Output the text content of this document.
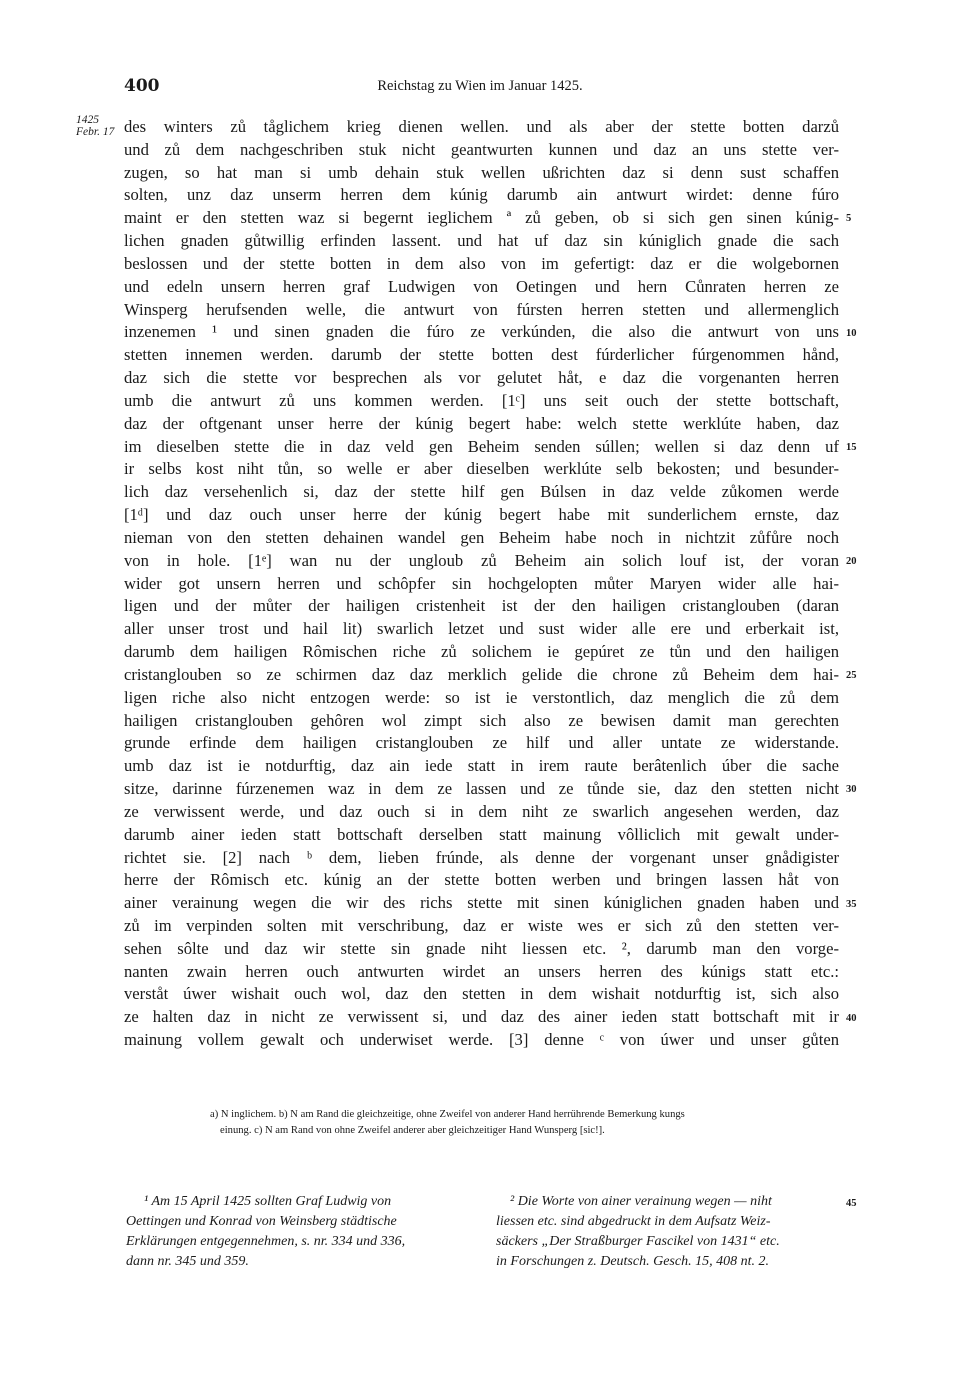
400	Reichstag zu Wien im Januar 1425.
1425
Febr. 17 des winters zů tåglichem krieg dienen wellen. und als aber der stette botten darzů
und zů dem nachgeschriben stuk nicht geantwurten kunnen und daz an uns stette ver-
zugen, so hat man si umb dehain stuk wellen ußrichten daz si denn sust schaffen
solten, unz daz unserm herren dem kúnig darumb ain antwurt wirdet: denne fúro
maint er den stetten waz si begernt ieglichem ª zů geben, ob si sich gen sinen kúnig-
lichen gnaden gůtwillig erfinden lassent. und hat uf daz sin kúniglich gnade die sach
beslossen und der stette botten in dem also von im gefertigt: daz er die wolgebornen
und edeln unsern herren graf Ludwigen von Oetingen und hern Cůnraten herren ze
Winsperg herufsenden welle, die antwurt von fúrsten herren stetten und allermenglich
inzenemen ¹ und sinen gnaden die fúro ze verkúnden, die also die antwurt von uns
stetten innemen werden. darumb der stette botten dest fúrderlicher fúrgenommen hånd,
daz sich die stette vor besprechen als vor gelutet håt, e daz die vorgenanten herren
umb die antwurt zů uns kommen werden. [1ᶜ] uns seit ouch der stette bottschaft,
daz der oftgenant unser herre der kúnig begert habe: welch stette werklúte haben, daz
im dieselben stette die in daz veld gen Beheim senden súllen; wellen si daz denn uf
ir selbs kost niht tůn, so welle er aber dieselben werklúte selb bekosten; und besunder-
lich daz versehenlich si, daz der stette hilf gen Búlsen in daz velde zůkomen werde
[1ᵈ] und daz ouch unser herre der kúnig begert habe mit sunderlichem ernste, daz
nieman von den stetten dehainen wandel gen Beheim habe noch in nichtzit zůfůre noch
von in hole. [1ᵉ] wan nu der ungloub zů Beheim ain solich louf ist, der voran
wider got unsern herren und schôpfer sin hochgelopten můter Maryen wider alle hai-
ligen und der můter der hailigen cristenheit ist der den hailigen cristanglouben (daran
aller unser trost und hail lit) swarlich letzet und sust wider alle ere und erberkait ist,
darumb dem hailigen Rômischen riche zů solichem ie gepúret ze tůn und den hailigen
cristanglouben so ze schirmen daz daz merklich gelide die chrone zů Beheim dem hai-
ligen riche also nicht entzogen werde: so ist ie verstontlich, daz mengliсh die zů dem
hailigen cristanglouben gehôren wol zimpt sich also ze bewisen damit man gerechten
grunde erfinde dem hailigen cristanglouben ze hilf und aller untate ze widerstande.
umb daz ist ie notdurftig, daz ain iede statt in irem raute berâtenlich úber die sache
sitze, darinne fúrzenemen waz in dem ze lassen und ze tůnde sie, daz den stetten nicht
ze verwissent werde, und daz ouch si in dem niht ze swarlich angesehen werden, daz
darumb ainer ieden statt bottschaft derselben statt mainung vôlliclich mit gewalt under-
richtet sie. [2] nach ᵇ dem, lieben frúnde, als denne der vorgenant unser gnådigister
herre der Rômisch etc. kúnig an der stette botten werben und bringen lassen håt von
ainer verainung wegen die wir des richs stette mit sinen kúniglichen gnaden haben und
zů im verpinden solten mit verschribung, daz er wiste wes er sich zů den stetten ver-
sehen sôlte und daz wir stette sin gnade niht liessen etc. ², darumb man den vorge-
nanten zwain herren ouch antwurten wirdet an unsers herren des kúnigs statt etc.:
verståt úwer wishait ouch wol, daz den stetten in dem wishait notdurftig ist, sich also
ze halten daz in nicht ze verwissent si, und daz des ainer ieden statt bottschaft mit ir
mainung vollem gewalt och underwiset werde. [3] denne ᶜ von úwer und unser gůten
5
10
15
20
25
30
35
40
a) N inglichem. b) N am Rand die gleichzeitige, ohne Zweifel von anderer Hand herrührende Bemerkung kungs
einung. c) N am Rand von ohne Zweifel anderer aber gleichzeitiger Hand Wunsperg [sic!].
¹ Am 15 April 1425 sollten Graf Ludwig von
Oettingen und Konrad von Weinsberg städtische
Erklärungen entgegennehmen, s. nr. 334 und 336,
dann nr. 345 und 359.
² Die Worte von ainer verainung wegen — niht
liessen etc. sind abgedruckt in dem Aufsatz Weiz-
säckers „Der Straßburger Fascikel von 1431“ etc.
in Forschungen z. Deutsch. Gesch. 15, 408 nt. 2.
45
